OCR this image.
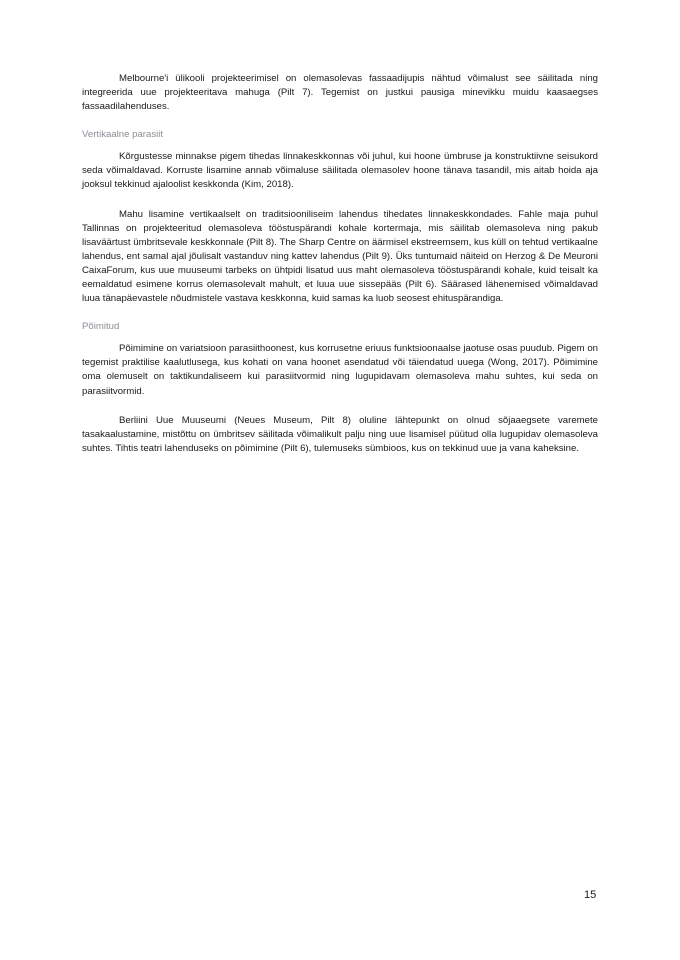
Melbourne'i ülikooli projekteerimisel on olemasolevas fassaadijupis nähtud võimalust see säilitada ning integreerida uue projekteeritava mahuga (Pilt 7). Tegemist on justkui pausiga minevikku muidu kaasaegses fassaadilahenduses.

Vertikaalne parasiit

Kõrgustesse minnakse pigem tihedas linnakeskkonnas või juhul, kui hoone ümbruse ja konstruktiivne seisukord seda võimaldavad. Korruste lisamine annab võimaluse säilitada olemasolev hoone tänava tasandil, mis aitab hoida aja jooksul tekkinud ajaloolist keskkonda (Kim, 2018).

Mahu lisamine vertikaalselt on traditsiooniliseim lahendus tihedates linnakeskkondades. Fahle maja puhul Tallinnas on projekteeritud olemasoleva tööstuspärandi kohale kortermaja, mis säilitab olemasoleva ning pakub lisaväärtust ümbritsevale keskkonnale (Pilt 8). The Sharp Centre on äärmisel ekstreemsem, kus küll on tehtud vertikaalne lahendus, ent samal ajal jõulisalt vastanduv ning kattev lahendus (Pilt 9). Üks tuntumaid näiteid on Herzog & De Meuroni CaixaForum, kus uue muuseumi tarbeks on ühtpidi lisatud uus maht olemasoleva tööstuspärandi kohale, kuid teisalt ka eemaldatud esimene korrus olemasolevalt mahult, et luua uue sissepääs (Pilt 6). Säärased lähenemised võimaldavad luua tänapäevastele nõudmistele vastava keskkonna, kuid samas ka luob seosest ehituspärandiga.

Põimitud

Põimimine on variatsioon parasiithoonest, kus korrusetne eriuus funktsioonaalse jaotuse osas puudub. Pigem on tegemist praktilise kaalutlusega, kus kohati on vana hoonet asendatud või täiendatud uuega (Wong, 2017). Põimimine oma olemuselt on taktikundaliseem kui parasiitvormid ning lugupidavam olemasoleva mahu suhtes, kui seda on parasiitvormid.

Berliini Uue Muuseumi (Neues Museum, Pilt 8) oluline lähtepunkt on olnud sõjaaegsete varemete tasakaalustamine, mistõttu on ümbritsev säilitada võimalikult palju ning uue lisamisel püütud olla lugupidav olemasoleva suhtes. Tihtis teatri lahenduseks on põimimine (Pilt 6), tulemuseks sümbioos, kus on tekkinud uue ja vana kaheksine.

15
